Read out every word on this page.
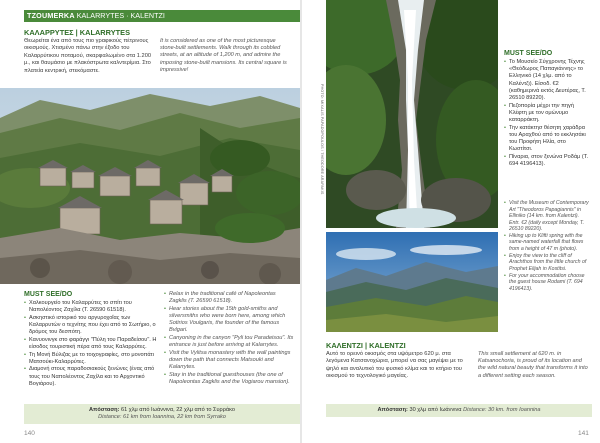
TZOUMERKA KALARRYTES · KALENTZI
ΚΑΛΑΡΡΥΤΕΣ | KALARRYTES
Θεωρείται ένα από τους πιο γραφικούς πέτρινους οικισμούς. Χτισμένο πάνω στην έξοδο του Καλαρρύτικου ποταμού, σκαρφαλωμένο στα 1.200 μ., και θαυμάσιο με πλακόστρωτα καλντερίμια. Στο πλατεία κεντρική, στεκόμαστε.
It is considered as one of the most picturesque stone-built settlements. Walk through its cobbled streets, at an altitude of 1,200 m, and admire the imposing stone-built mansions. Its central square is impressive!
MUST SEE/DO
• Χαλκουργείο του Καλαρρύτες το σπίτι του Ναπολέοντος Ζαχίλα (Τ. 26590 61518).
• Ασκηστικό ιστορικό του αργυροχοΐας των Καλαρρυτών ο τεχνίτης που έχει από το Σωτήριο, ο δρόμος του δεσπότη.
• Κανυονινγκ στο φαράγγι "Πύλη του Παραδείσου". Η είσοδος τουριστική πέρα από τους Καλαρρύτες.
• Τη Μονή Βύλιζας με το τοιχογραφίες, στο μονοπάτι Ματσούκι-Καλαρρύτες.
• Διαμονή στους παραδοσιακούς ξενώνες (ένας από τους του Ναπολέοντος Ζαχίλα και το Αρχοντικό Βογιάρου).
• Relax in the traditional café of Napoleontas Zagklis (T. 26590 61518).
• Hear stories about the 15th gold-smiths and silversmiths who were born here, among which Sotirios Voulgaris, the founder of the famous Bvlgari.
• Canyoning in the canyon "Pyli tou Paradeisou". Its entrance is just before arriving at Kalarrytes.
• Visit the Vylitsa monastery with the wall paintings down the path that connects Matsouki and Kalarrytes.
• Stay in the traditional guesthouses (the one of Napoleontas Zagklis and the Vogiarou mansion).
Απόσταση: 61 χλμ από Ιωάννινα, 22 χλμ από το Συρράκο
Distance: 61 km from Ioannina, 22 km from Syrrako
140
PHOTO: MIXALIS PAPADOPOULOS / THEODORE ARAPAKIS
MUST SEE/DO
• Το Μουσείο Σύγχρονης Τέχνης «Θεόδωρος Παπαγιάννης» το Ελληνικό (14 χλμ. από το Καλέντζι). Είσοδ. €2 (καθημερινά εκτός Δευτέρας, Τ. 26510 89220).
• Πεζοπορία μέχρι την πηγή Κλέφτη με τον ομώνυμο καταρράκτη.
• Την κατάκτησ θέσητη χαράδρα του Αραχθού από το εκκλησάκι του Προφήτη Ηλία, στο Κωστίτσι.
• Πίναρια, στον ξενώνα Ροδάμ (Τ. 694 4196413).
• Visit the Museum of Contemporary Art "Theodoros Papagiannis" in Elliniko (14 km. from Kalentzi). Entr. €2 (daily except Monday, T. 26510 89220).
• Hiking up to Klifti spring with the same-named waterfall that flows from a height of 47 m (photo).
• Enjoy the view to the cliff of Arachthos from the little church of Prophet Elijah in Kostitsi.
• For your accommodation choose the guest house Rodami (T. 694 4196413).
ΚΑΛΕΝΤΖΙ | KALENTZI
Αυτό το ορεινό οικισμός στα υψόμετρο 620 μ. στα λεγόμενα Κατσανοχώρια, μπορεί να σας μαγέψει με το ψηλό και αναλυτικό του φυσικό κλίμα και το κτήριο του οικισμού το τεχνολογικό μαγείας.
This small settlement at 620 m. in Katsanochoria, is proud of its location and the wild natural beauty that transforms it into a different setting each season.
Απόσταση: 30 χλμ από Ιωάννινα Distance: 30 km. from Ioannina
141
